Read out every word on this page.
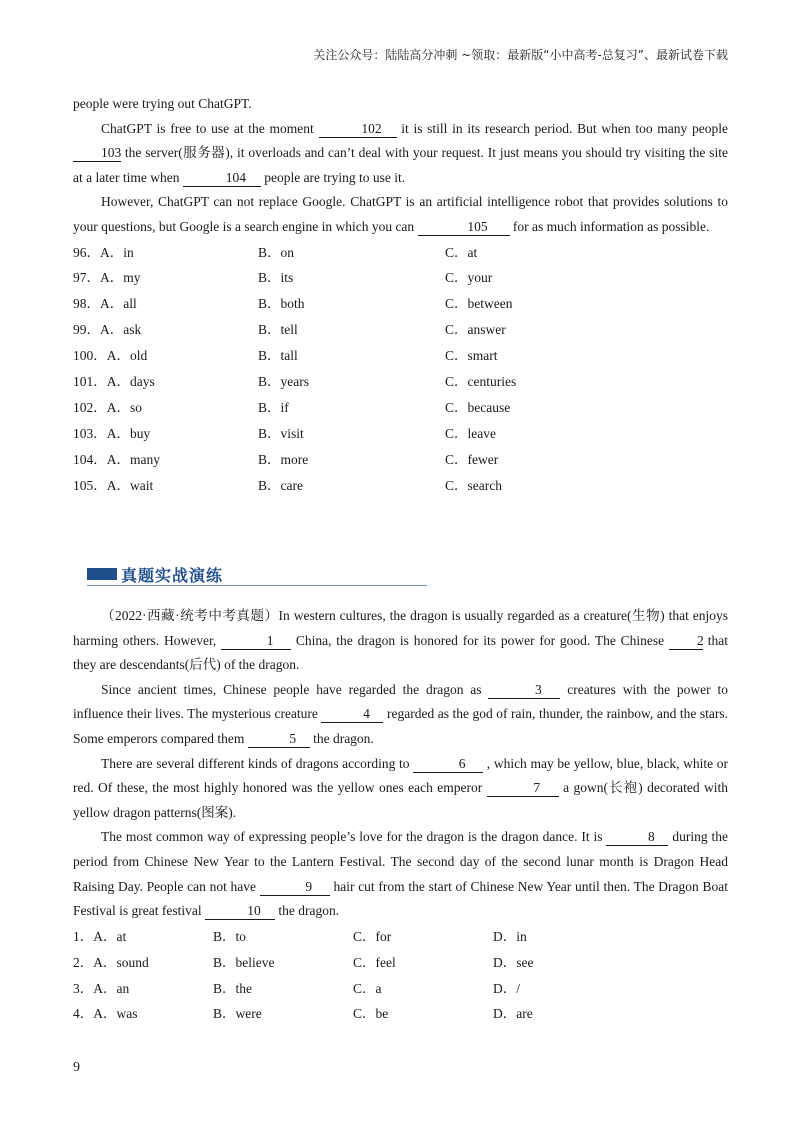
关注公众号：陆陆高分冲刺 ~领取：最新版“小中高考-总复习”、最新试卷下载

people were trying out ChatGPT.

ChatGPT is free to use at the moment	102 it is still in its research period. But when too many people 103 the server(服务器), it overloads and can’t deal with your request. It just means you should try visiting the site at a later time when	104 people are trying to use it.

However, ChatGPT can not replace Google. ChatGPT is an artificial intelligence robot that provides solutions to your questions, but Google is a search engine in which you can	105 for as much information as possible.

96．A．in	B．on	C．at
97．A．my	B．its	C．your
98．A．all	B．both	C．between
99．A．ask	B．tell	C．answer
100．A．old	B．tall	C．smart
101．A．days	B．years	C．centuries
102．A．so	B．if	C．because
103．A．buy	B．visit	C．leave
104．A．many	B．more	C．fewer
105．A．wait	B．care	C．search
真题实战演练

（2022·西藏·统考中考真题）In western cultures, the dragon is usually regarded as a creature(生物) that enjoys harming others. However,	1 China, the dragon is honored for its power for good. The Chinese 2 that they are descendants(后代) of the dragon.

Since ancient times, Chinese people have regarded the dragon as	3 creatures with the power to influence their lives. The mysterious creature	4 regarded as the god of rain, thunder, the rainbow, and the stars. Some emperors compared them	5 the dragon.

There are several different kinds of dragons according to	6 , which may be yellow, blue, black, white or red. Of these, the most highly honored was the yellow ones each emperor	7 a gown(长袍) decorated with yellow dragon patterns(图案).

The most common way of expressing people’s love for the dragon is the dragon dance. It is	8 during the period from Chinese New Year to the Lantern Festival. The second day of the second lunar month is Dragon Head Raising Day. People can not have	9 hair cut from the start of Chinese New Year until then. The Dragon Boat Festival is great festival	10 the dragon.

1．A．at	B．to	C．for	D．in
2．A．sound	B．believe	C．feel	D．see
3．A．an	B．the	C．a	D．/
4．A．was	B．were	C．be	D．are
9
